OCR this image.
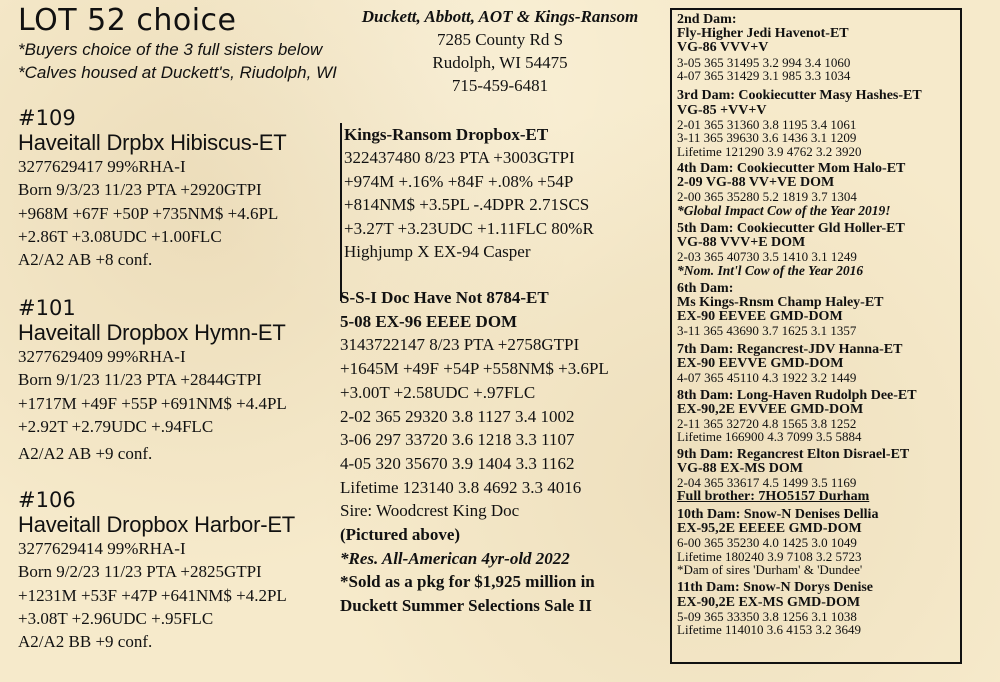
LOT 52 choice
*Buyers choice of the 3 full sisters below
*Calves housed at Duckett's, Riudolph, WI
#109
Haveitall Drpbx Hibiscus-ET
3277629417 99%RHA-I
Born 9/3/23 11/23 PTA +2920GTPI
+968M +67F +50P +735NM$ +4.6PL
+2.86T +3.08UDC +1.00FLC
A2/A2 AB +8 conf.
#101
Haveitall Dropbox Hymn-ET
3277629409 99%RHA-I
Born 9/1/23 11/23 PTA +2844GTPI
+1717M +49F +55P +691NM$ +4.4PL
+2.92T +2.79UDC +.94FLC
A2/A2 AB +9 conf.
#106
Haveitall Dropbox Harbor-ET
3277629414 99%RHA-I
Born 9/2/23 11/23 PTA +2825GTPI
+1231M +53F +47P +641NM$ +4.2PL
+3.08T +2.96UDC +.95FLC
A2/A2 BB +9 conf.
Duckett, Abbott, AOT & Kings-Ransom
7285 County Rd S
Rudolph, WI 54475
715-459-6481
Kings-Ransom Dropbox-ET
322437480 8/23 PTA +3003GTPI
+974M +.16% +84F +.08% +54P
+814NM$ +3.5PL -.4DPR 2.71SCS
+3.27T +3.23UDC +1.11FLC 80%R
Highjump X EX-94 Casper
S-S-I Doc Have Not 8784-ET
5-08 EX-96 EEEE DOM
3143722147 8/23 PTA +2758GTPI
+1645M +49F +54P +558NM$ +3.6PL
+3.00T +2.58UDC +.97FLC
2-02 365 29320 3.8 1127 3.4 1002
3-06 297 33720 3.6 1218 3.3 1107
4-05 320 35670 3.9 1404 3.3 1162
Lifetime 123140 3.8 4692 3.3 4016
Sire: Woodcrest King Doc
(Pictured above)
*Res. All-American 4yr-old 2022
*Sold as a pkg for $1,925 million in
Duckett Summer Selections Sale II
2nd Dam:
Fly-Higher Jedi Havenot-ET
VG-86 VVV+V
3-05 365 31495 3.2 994 3.4 1060
4-07 365 31429 3.1 985 3.3 1034
3rd Dam: Cookiecutter Masy Hashes-ET
VG-85 +VV+V
2-01 365 31360 3.8 1195 3.4 1061
3-11 365 39630 3.6 1436 3.1 1209
Lifetime 121290 3.9 4762 3.2 3920
4th Dam: Cookiecutter Mom Halo-ET
2-09 VG-88 VV+VE DOM
2-00 365 35280 5.2 1819 3.7 1304
*Global Impact Cow of the Year 2019!
5th Dam: Cookiecutter Gld Holler-ET
VG-88 VVV+E DOM
2-03 365 40730 3.5 1410 3.1 1249
*Nom. Int'l Cow of the Year 2016
6th Dam:
Ms Kings-Rnsm Champ Haley-ET
EX-90 EEVEE GMD-DOM
3-11 365 43690 3.7 1625 3.1 1357
7th Dam: Regancrest-JDV Hanna-ET
EX-90 EEVVE GMD-DOM
4-07 365 45110 4.3 1922 3.2 1449
8th Dam: Long-Haven Rudolph Dee-ET
EX-90,2E EVVEE GMD-DOM
2-11 365 32720 4.8 1565 3.8 1252
Lifetime 166900 4.3 7099 3.5 5884
9th Dam: Regancrest Elton Disrael-ET
VG-88 EX-MS DOM
2-04 365 33617 4.5 1499 3.5 1169
Full brother: 7HO5157 Durham
10th Dam: Snow-N Denises Dellia
EX-95,2E EEEEE GMD-DOM
6-00 365 35230 4.0 1425 3.0 1049
Lifetime 180240 3.9 7108 3.2 5723
*Dam of sires 'Durham' & 'Dundee'
11th Dam: Snow-N Dorys Denise
EX-90,2E EX-MS GMD-DOM
5-09 365 33350 3.8 1256 3.1 1038
Lifetime 114010 3.6 4153 3.2 3649
